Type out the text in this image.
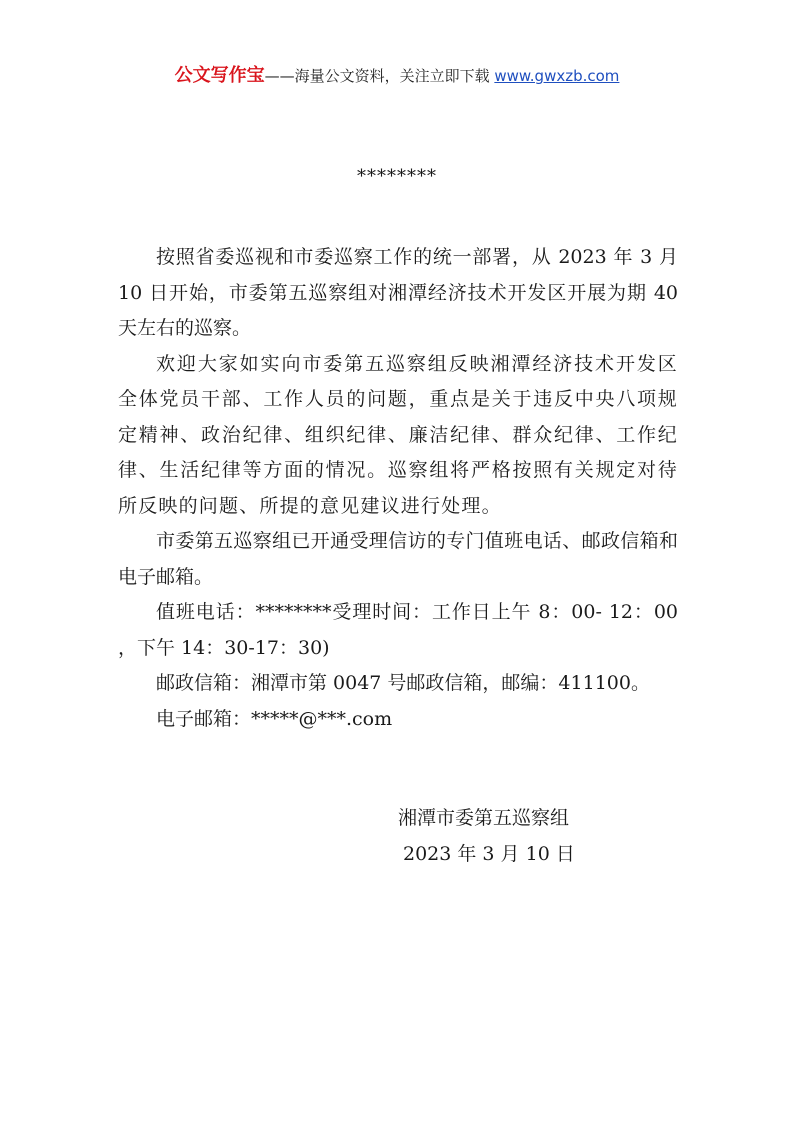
公文写作宝——海量公文资料，关注立即下载 www.gwxzb.com
********

按照省委巡视和市委巡察工作的统一部署，从 2023 年 3 月 10 日开始，市委第五巡察组对湘潭经济技术开发区开展为期 40 天左右的巡察。

欢迎大家如实向市委第五巡察组反映湘潭经济技术开发区全体党员干部、工作人员的问题，重点是关于违反中央八项规定精神、政治纪律、组织纪律、廉洁纪律、群众纪律、工作纪律、生活纪律等方面的情况。巡察组将严格按照有关规定对待所反映的问题、所提的意见建议进行处理。

市委第五巡察组已开通受理信访的专门值班电话、邮政信箱和电子邮箱。

值班电话：********受理时间：工作日上午 8：00- 12：00 ，下午 14：30-17：30)

邮政信箱：湘潭市第 0047 号邮政信箱，邮编：411100。

电子邮箱：*****@***.com

湘潭市委第五巡察组
2023 年 3 月 10 日
